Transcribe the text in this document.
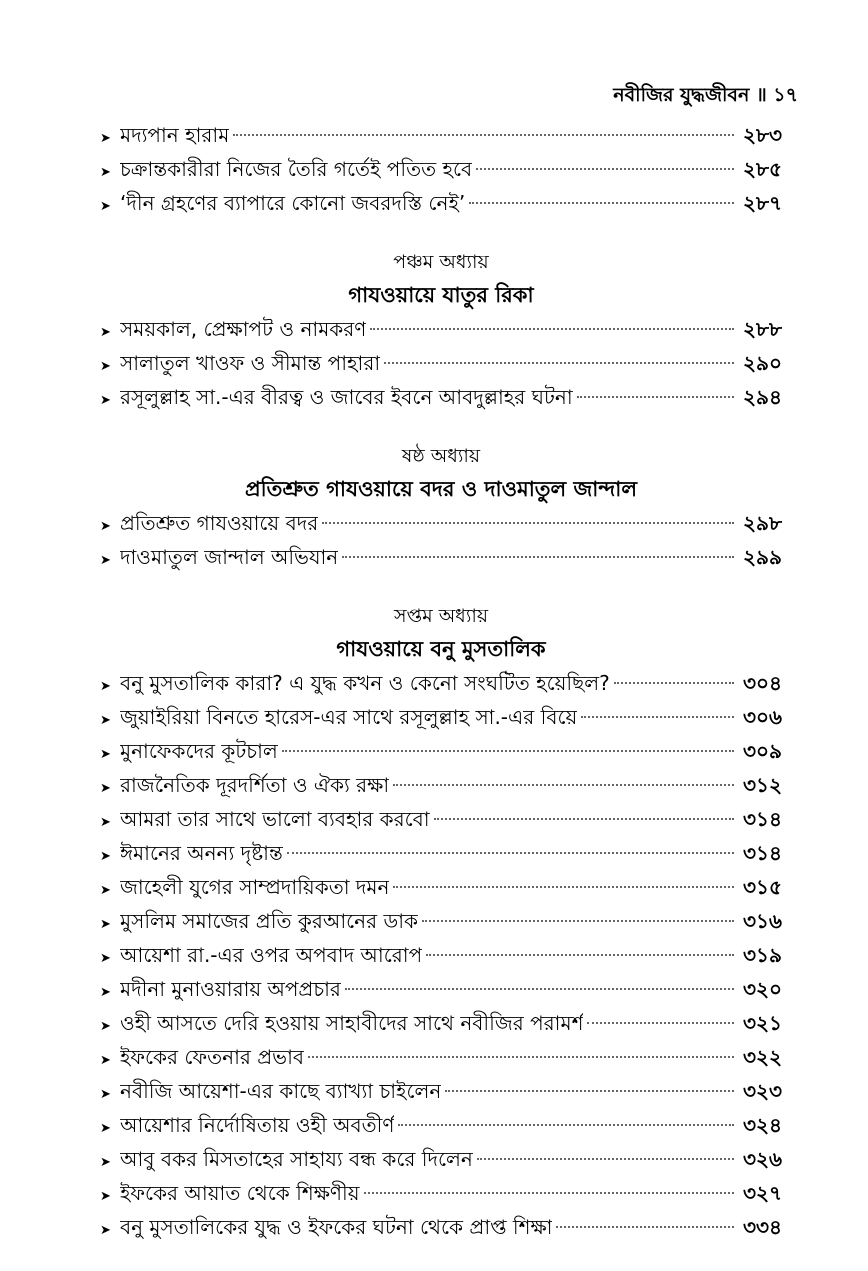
নবীজির যুদ্ধজীবন ॥ ১৭
➤ মদ্যপান হারাম	২৮৩
➤ চক্রান্তকারীরা নিজের তৈরি গর্তেই পতিত হবে	২৮৫
➤ ‘দীন গ্রহণের ব্যাপারে কোনো জবরদস্তি নেই’	২৮৭
পঞ্চম অধ্যায়
গাযওয়ায়ে যাতুর রিকা
➤ সময়কাল, প্রেক্ষাপট ও নামকরণ	২৮৮
➤ সালাতুল খাওফ ও সীমান্ত পাহারা	২৯০
➤ রসূলুল্লাহ সা.-এর বীরত্ব ও জাবের ইবনে আবদুল্লাহর ঘটনা	২৯৪
ষষ্ঠ অধ্যায়
প্রতিশ্রুত গাযওয়ায়ে বদর ও দাওমাতুল জান্দাল
➤ প্রতিশ্রুত গাযওয়ায়ে বদর	২৯৮
➤ দাওমাতুল জান্দাল অভিযান	২৯৯
সপ্তম অধ্যায়
গাযওয়ায়ে বনু মুসতালিক
➤ বনু মুসতালিক কারা? এ যুদ্ধ কখন ও কেনো সংঘটিত হয়েছিল?	৩০৪
➤ জুয়াইরিয়া বিনতে হারেস-এর সাথে রসূলুল্লাহ সা.-এর বিয়ে	৩০৬
➤ মুনাফেকদের কূটচাল	৩০৯
➤ রাজনৈতিক দূরদর্শিতা ও ঐক্য রক্ষা	৩১২
➤ আমরা তার সাথে ভালো ব্যবহার করবো	৩১৪
➤ ঈমানের অনন্য দৃষ্টান্ত	৩১৪
➤ জাহেলী যুগের সাম্প্রদায়িকতা দমন	৩১৫
➤ মুসলিম সমাজের প্রতি কুরআনের ডাক	৩১৬
➤ আয়েশা রা.-এর ওপর অপবাদ আরোপ	৩১৯
➤ মদীনা মুনাওয়ারায় অপপ্রচার	৩২০
➤ ওহী আসতে দেরি হওয়ায় সাহাবীদের সাথে নবীজির পরামর্শ	৩২১
➤ ইফকের ফেতনার প্রভাব	৩২২
➤ নবীজি আয়েশা-এর কাছে ব্যাখ্যা চাইলেন	৩২৩
➤ আয়েশার নির্দোষিতায় ওহী অবতীর্ণ	৩২৪
➤ আবু বকর মিসতাহের সাহায্য বন্ধ করে দিলেন	৩২৬
➤ ইফকের আয়াত থেকে শিক্ষণীয়	৩২৭
➤ বনু মুসতালিকের যুদ্ধ ও ইফকের ঘটনা থেকে প্রাপ্ত শিক্ষা	৩৩৪
